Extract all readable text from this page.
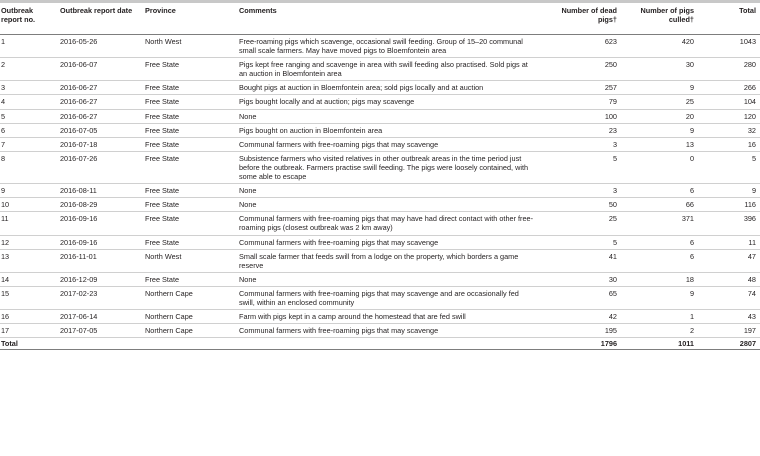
Outbreak report no.	Outbreak report date	Province	Comments	Number of dead pigs†	Number of pigs culled†	Total
1	2016-05-26	North West	Free-roaming pigs which scavenge, occasional swill feeding. Group of 15–20 communal small scale farmers. May have moved pigs to Bloemfontein area	623	420	1043
2	2016-06-07	Free State	Pigs kept free ranging and scavenge in area with swill feeding also practised. Sold pigs at an auction in Bloemfontein area	250	30	280
3	2016-06-27	Free State	Bought pigs at auction in Bloemfontein area; sold pigs locally and at auction	257	9	266
4	2016-06-27	Free State	Pigs bought locally and at auction; pigs may scavenge	79	25	104
5	2016-06-27	Free State	None	100	20	120
6	2016-07-05	Free State	Pigs bought on auction in Bloemfontein area	23	9	32
7	2016-07-18	Free State	Communal farmers with free-roaming pigs that may scavenge	3	13	16
8	2016-07-26	Free State	Subsistence farmers who visited relatives in other outbreak areas in the time period just before the outbreak. Farmers practise swill feeding. The pigs were loosely contained, with some able to escape	5	0	5
9	2016-08-11	Free State	None	3	6	9
10	2016-08-29	Free State	None	50	66	116
11	2016-09-16	Free State	Communal farmers with free-roaming pigs that may have had direct contact with other free-roaming pigs (closest outbreak was 2 km away)	25	371	396
12	2016-09-16	Free State	Communal farmers with free-roaming pigs that may scavenge	5	6	11
13	2016-11-01	North West	Small scale farmer that feeds swill from a lodge on the property, which borders a game reserve	41	6	47
14	2016-12-09	Free State	None	30	18	48
15	2017-02-23	Northern Cape	Communal farmers with free-roaming pigs that may scavenge and are occasionally fed swill, within an enclosed community	65	9	74
16	2017-06-14	Northern Cape	Farm with pigs kept in a camp around the homestead that are fed swill	42	1	43
17	2017-07-05	Northern Cape	Communal farmers with free-roaming pigs that may scavenge	195	2	197
Total				1796	1011	2807
